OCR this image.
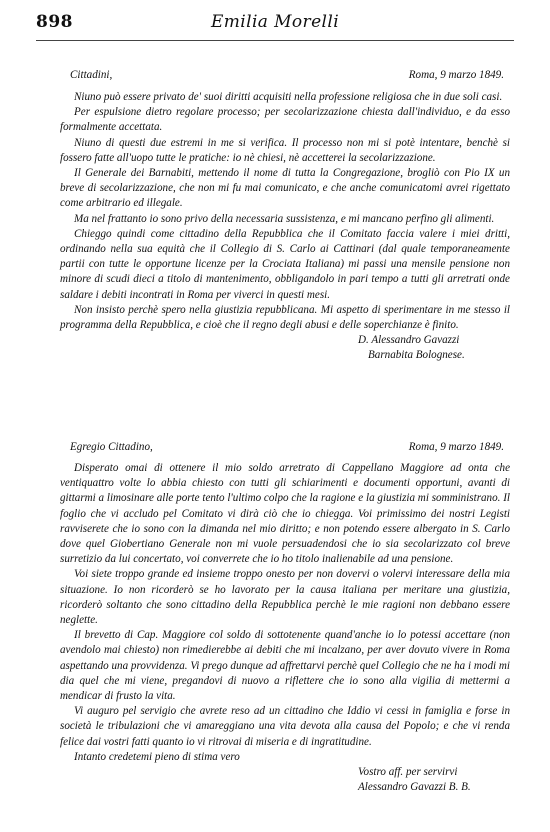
898	Emilia Morelli
Cittadini,	Roma, 9 marzo 1849.

Niuno può essere privato de' suoi diritti acquisiti nella professione religiosa che in due soli casi.

Per espulsione dietro regolare processo; per secolarizzazione chiesta dall'individuo, e da esso formalmente accettata.

Niuno di questi due estremi in me si verifica. Il processo non mi si potè intentare, benchè si fossero fatte all'uopo tutte le pratiche: io nè chiesi, nè accetterei la secolarizzazione.

Il Generale dei Barnabiti, mettendo il nome di tutta la Congregazione, brogliò con Pio IX un breve di secolarizzazione, che non mi fu mai comunicato, e che anche comunicatomi avrei rigettato come arbitrario ed illegale.

Ma nel frattanto io sono privo della necessaria sussistenza, e mi mancano perfino gli alimenti.

Chieggo quindi come cittadino della Repubblica che il Comitato faccia valere i miei dritti, ordinando nella sua equità che il Collegio di S. Carlo ai Cattinari (dal quale temporaneamente partii con tutte le opportune licenze per la Crociata Italiana) mi passi una mensile pensione non minore di scudi dieci a titolo di mantenimento, obbligandolo in pari tempo a tutti gli arretrati onde saldare i debiti incontrati in Roma per viverci in questi mesi.

Non insisto perchè spero nella giustizia repubblicana. Mi aspetto di sperimentare in me stesso il programma della Repubblica, e cioè che il regno degli abusi e delle soperchianze è finito.

D. Alessandro Gavazzi
Barnabita Bolognese.
Egregio Cittadino,	Roma, 9 marzo 1849.

Disperato omai di ottenere il mio soldo arretrato di Cappellano Maggiore ad onta che ventiquattro volte lo abbia chiesto con tutti gli schiarimenti e documenti opportuni, avanti di gittarmi a limosinare alle porte tento l'ultimo colpo che la ragione e la giustizia mi somministrano. Il foglio che vi accludo pel Comitato vi dirà ciò che io chiegga. Voi primissimo dei nostri Legisti ravviserete che io sono con la dimanda nel mio diritto; e non potendo essere albergato in S. Carlo dove quel Giobertiano Generale non mi vuole persuadendosi che io sia secolarizzato col breve surretizio da lui concertato, voi converrete che io ho titolo inalienabile ad una pensione.

Voi siete troppo grande ed insieme troppo onesto per non dovervi o volervi interessare della mia situazione. Io non ricorderò se ho lavorato per la causa italiana per meritare una giustizia, ricorderò soltanto che sono cittadino della Repubblica perchè le mie ragioni non debbano essere neglette.

Il brevetto di Cap. Maggiore col soldo di sottotenente quand'anche io lo potessi accettare (non avendolo mai chiesto) non rimedierebbe ai debiti che mi incalzano, per aver dovuto vivere in Roma aspettando una provvidenza. Vi prego dunque ad affrettarvi perchè quel Collegio che ne ha i modi mi dia quel che mi viene, pregandovi di nuovo a riflettere che io sono alla vigilia di mettermi a mendicar di frusto la vita.

Vi auguro pel servigio che avrete reso ad un cittadino che Iddio vi cessi in famiglia e forse in società le tribulazioni che vi amareggiano una vita devota alla causa del Popolo; e che vi renda felice dai vostri fatti quanto io vi ritrovai di miseria e di ingratitudine.

Intanto credetemi pieno di stima vero

Vostro aff. per servirvi
Alessandro Gavazzi B. B.
